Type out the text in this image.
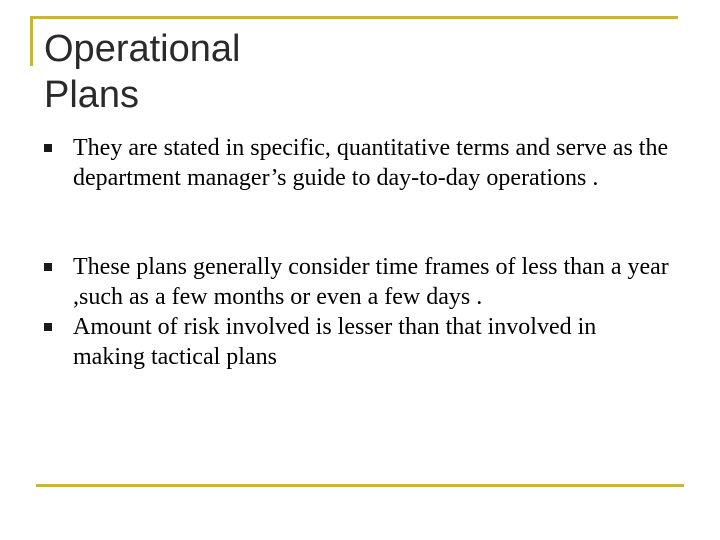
Operational
Plans
They are stated in specific, quantitative terms and serve as the department manager’s guide to day-to-day operations .
These plans generally consider time frames of less than a year ,such as a few months or even a few days .
Amount of risk involved is lesser than that involved in making tactical plans
